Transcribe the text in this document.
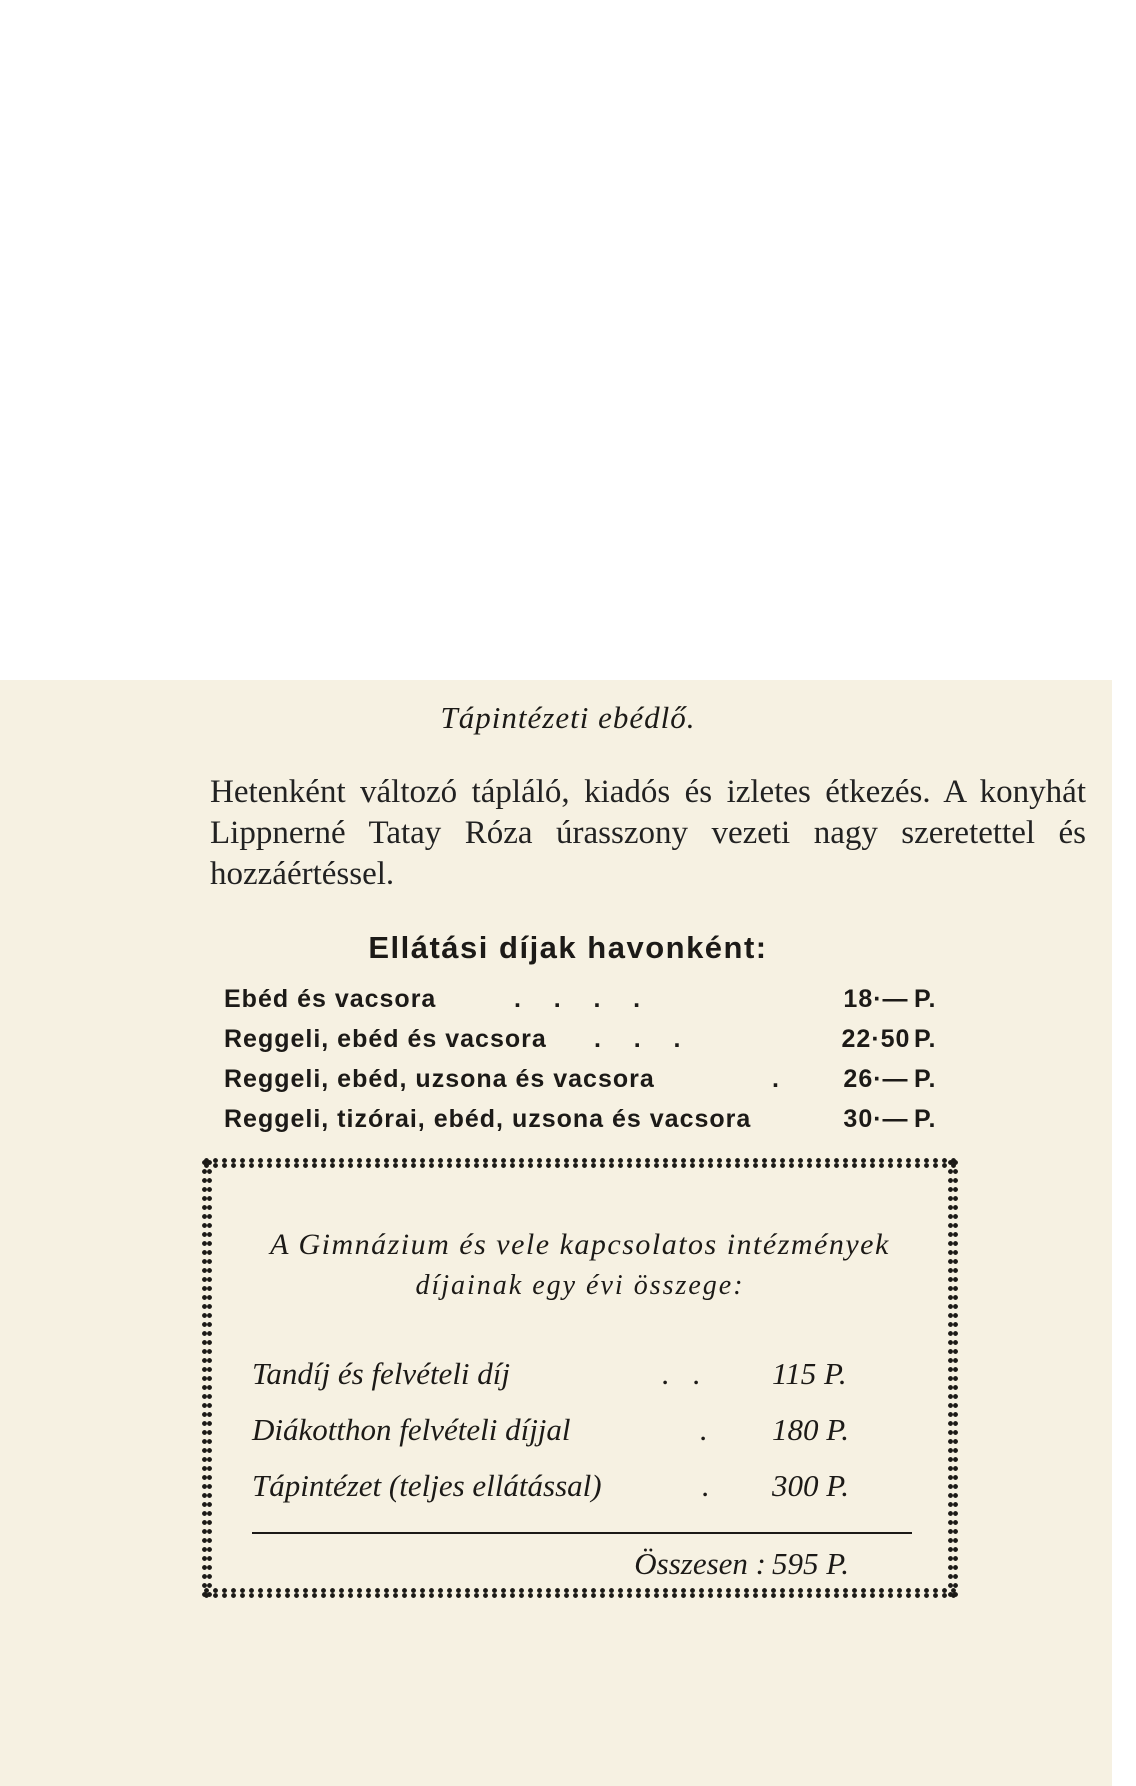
Tápintézeti ebédlő.
Hetenként változó tápláló, kiadós és izletes étkezés. A konyhát Lippnerné Tatay Róza úrasszony vezeti nagy szeretettel és hozzáértéssel.
Ellátási díjak havonként:
Ebéd és vacsora	.    .    .    .	18·— P.
Reggeli, ebéd és vacsora .    .    .	22·50 P.
Reggeli, ebéd, uzsona és vacsora	.	26·— P.
Reggeli, tizórai, ebéd, uzsona és vacsora	30·— P.
A Gimnázium és vele kapcsolatos intézmények
díjainak egy évi összege:
Tandíj és felvételi díj	.   . 115 P.
Diákotthon felvételi díjjal	. 180 P.
Tápintézet (teljes ellátással)	. 300 P.
Összesen : 595 P.
